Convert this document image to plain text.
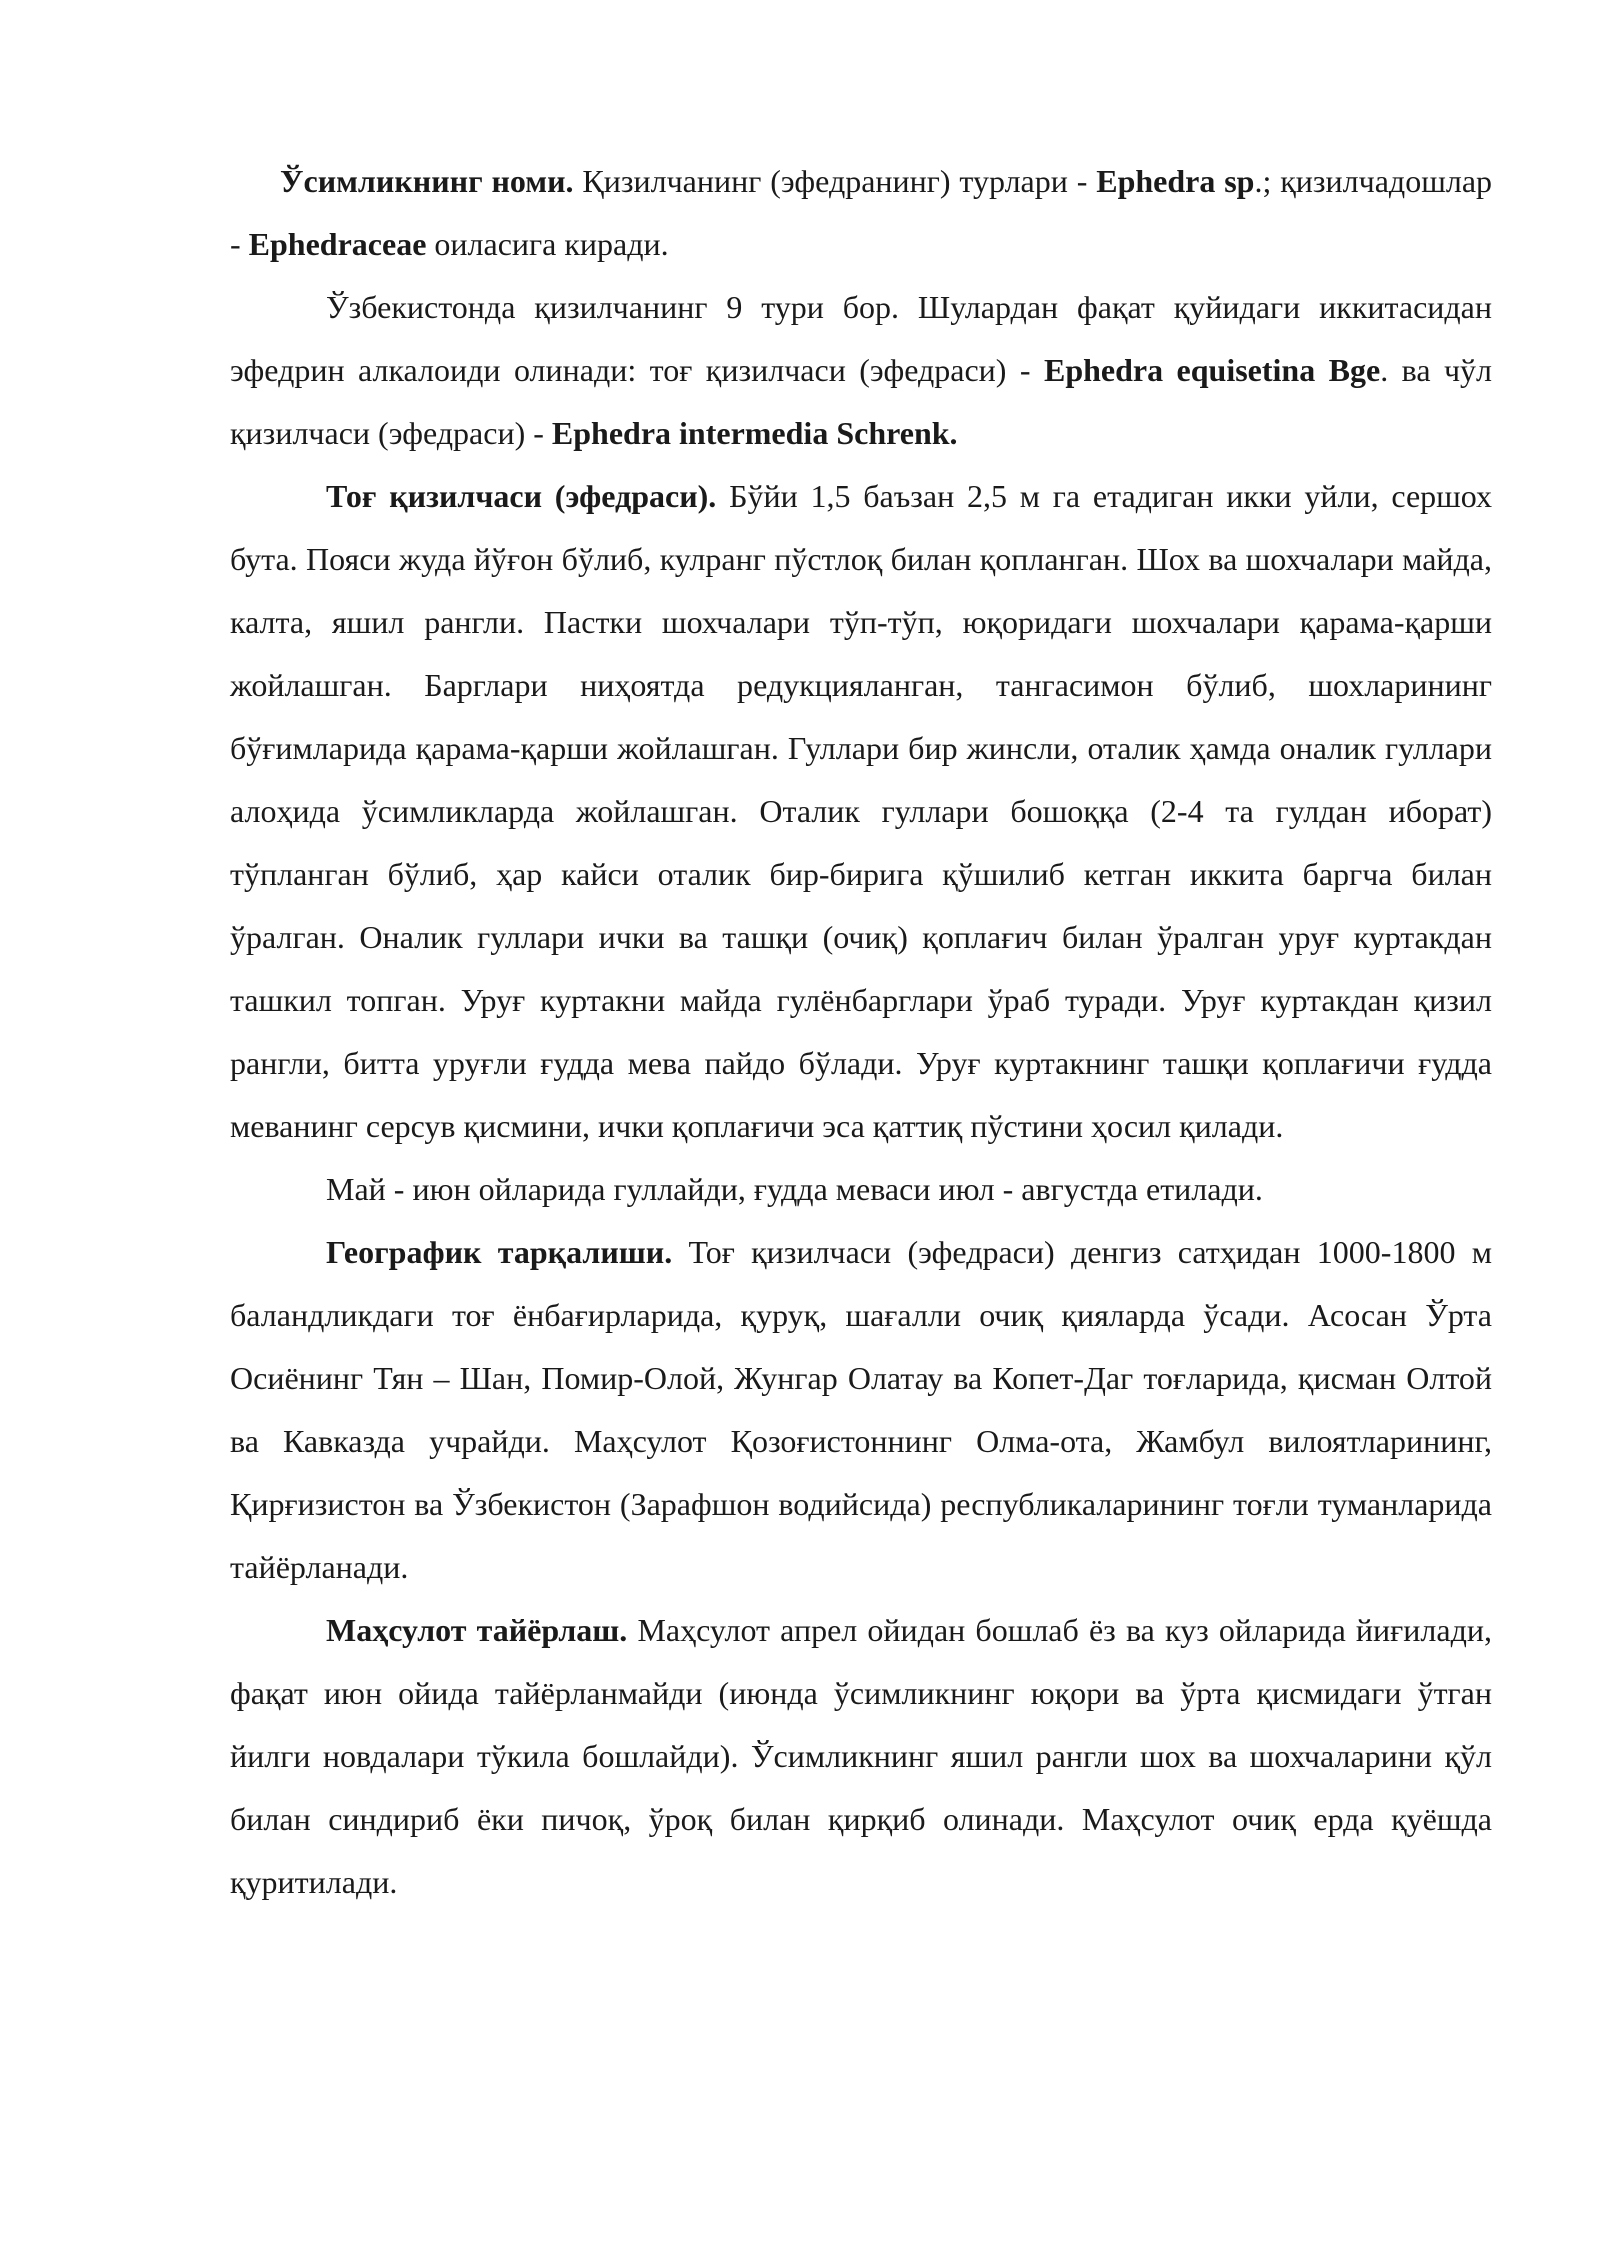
Ўсимликнинг номи. Қизилчанинг (эфедранинг) турлари - Ephedra sp.; қизилчадошлар - Ephedraceae оиласига киради.

Ўзбекистонда қизилчанинг 9 тури бор. Шулардан фақат қуйидаги иккитасидан эфедрин алкалоиди олинади: тоғ қизилчаси (эфедраси) - Ephedra equisetina Bge. ва чўл қизилчаси (эфедраси) - Ephedra intermedia Schrenk.

Тоғ қизилчаси (эфедраси). Бўйи 1,5 баъзан 2,5 м га етадиган икки уйли, сершох бута. Пояси жуда йўғон бўлиб, кулранг пўстлоқ билан қопланган. Шох ва шохчалари майда, калта, яшил рангли. Пастки шохчалари тўп-тўп, юқоридаги шохчалари қарама-қарши жойлашган. Барглари ниҳоятда редукцияланган, тангасимон бўлиб, шохларининг бўғимларида қарама-қарши жойлашган. Гуллари бир жинсли, оталик ҳамда оналик гуллари алоҳида ўсимликларда жойлашган. Оталик гуллари бошоққа (2-4 та гулдан иборат) тўпланган бўлиб, ҳар кайси оталик бир-бирига қўшилиб кетган иккита баргча билан ўралган. Оналик гуллари ички ва ташқи (очиқ) қоплағич билан ўралган уруғ куртакдан ташкил топган. Уруғ куртакни майда гулёнбарглари ўраб туради. Уруғ куртакдан қизил рангли, битта уруғли ғудда мева пайдо бўлади. Уруғ куртакнинг ташқи қоплағичи ғудда меванинг серсув қисмини, ички қоплағичи эса қаттиқ пўстини ҳосил қилади.

Май - июн ойларида гуллайди, ғудда меваси июл - августда етилади.

Географик тарқалиши. Тоғ қизилчаси (эфедраси) денгиз сатҳидан 1000-1800 м баландликдаги тоғ ёнбағирларида, қуруқ, шағалли очиқ қияларда ўсади. Асосан Ўрта Осиёнинг Тян – Шан, Помир-Олой, Жунгар Олатау ва Копет-Даг тоғларида, қисман Олтой ва Кавказда учрайди. Маҳсулот Қозоғистоннинг Олма-ота, Жамбул вилоятларининг, Қирғизистон ва Ўзбекистон (Зарафшон водийсида) республикаларининг тоғли туманларида тайёрланади.

Маҳсулот тайёрлаш. Маҳсулот апрел ойидан бошлаб ёз ва куз ойларида йиғилади, фақат июн ойида тайёрланмайди (июнда ўсимликнинг юқори ва ўрта қисмидаги ўтган йилги новдалари тўкила бошлайди). Ўсимликнинг яшил рангли шох ва шохчаларини қўл билан синдириб ёки пичоқ, ўроқ билан қирқиб олинади. Маҳсулот очиқ ерда қуёшда қуритилади.
